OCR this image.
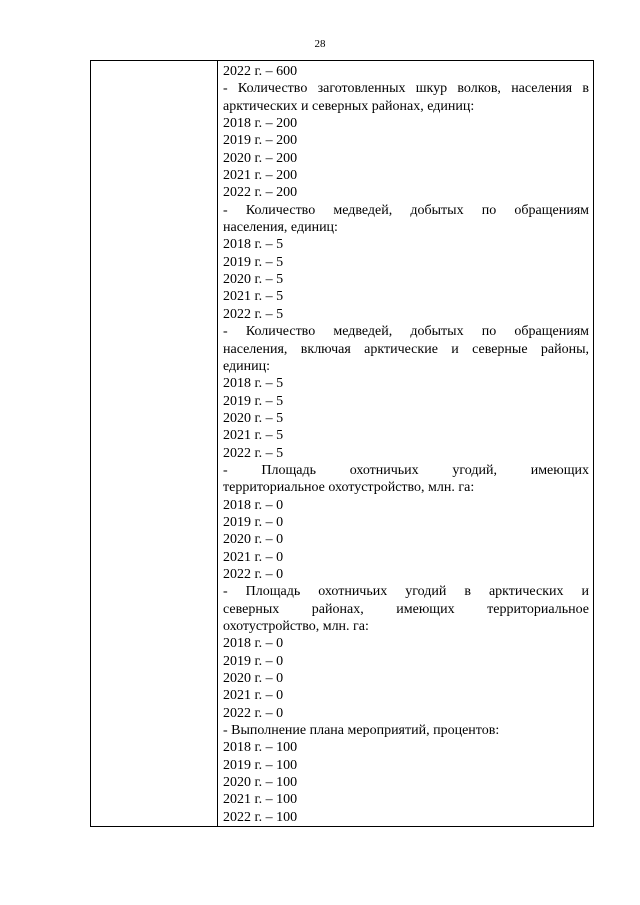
28
2022 г. – 600
- Количество заготовленных шкур волков, населения в
арктических и северных районах, единиц:
2018 г. – 200
2019 г. – 200
2020 г. – 200
2021 г. – 200
2022 г. – 200
- Количество медведей, добытых по обращениям
населения, единиц:
2018 г. – 5
2019 г. – 5
2020 г. – 5
2021 г. – 5
2022 г. – 5
- Количество медведей, добытых по обращениям
населения, включая арктические и северные районы,
единиц:
2018 г. – 5
2019 г. – 5
2020 г. – 5
2021 г. – 5
2022 г. – 5
- Площадь охотничьих угодий, имеющих
территориальное охотустройство, млн. га:
2018 г. – 0
2019 г. – 0
2020 г. – 0
2021 г. – 0
2022 г. – 0
- Площадь охотничьих угодий в арктических и
северных районах, имеющих территориальное
охотустройство, млн. га:
2018 г. – 0
2019 г. – 0
2020 г. – 0
2021 г. – 0
2022 г. – 0
- Выполнение плана мероприятий, процентов:
2018 г. – 100
2019 г. – 100
2020 г. – 100
2021 г. – 100
2022 г. – 100
